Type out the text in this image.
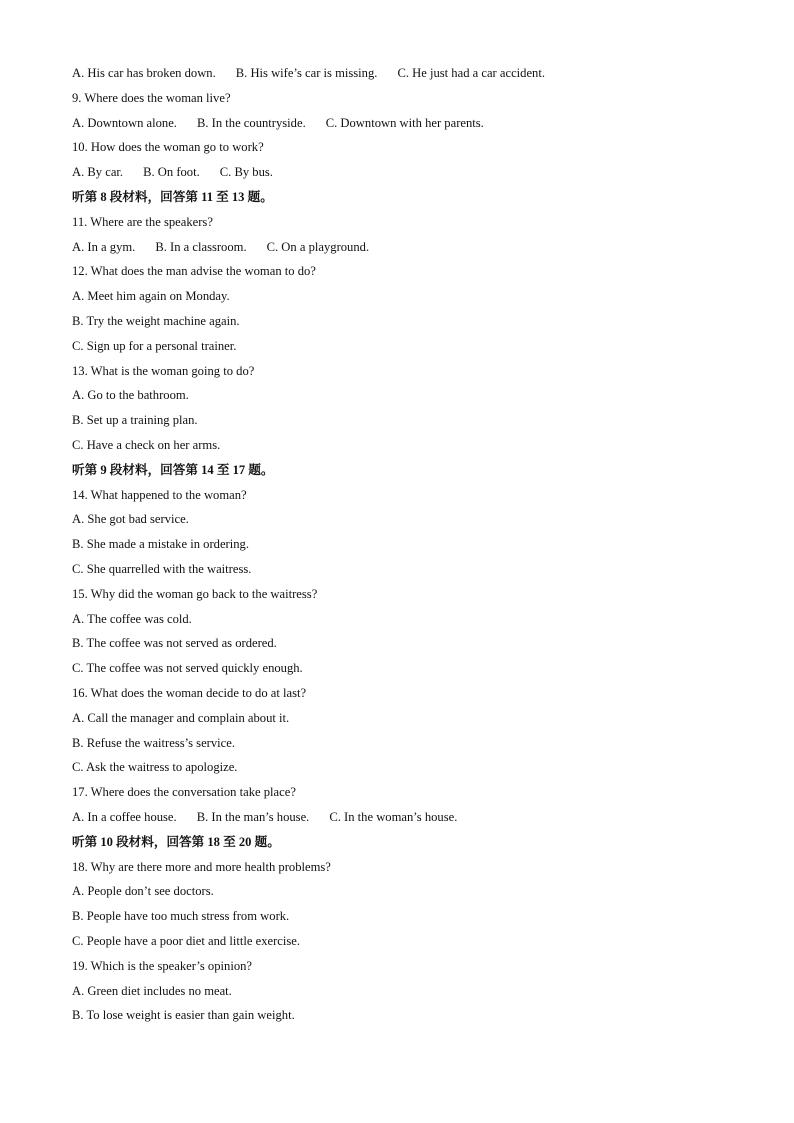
A. His car has broken down. B. His wife’s car is missing. C. He just had a car accident.
9. Where does the woman live?
A. Downtown alone. B. In the countryside. C. Downtown with her parents.
10. How does the woman go to work?
A. By car. B. On foot. C. By bus.
听第 8 段材料，回答第 11 至 13 题。
11. Where are the speakers?
A. In a gym. B. In a classroom. C. On a playground.
12. What does the man advise the woman to do?
A. Meet him again on Monday.
B. Try the weight machine again.
C. Sign up for a personal trainer.
13. What is the woman going to do?
A. Go to the bathroom.
B. Set up a training plan.
C. Have a check on her arms.
听第 9 段材料，回答第 14 至 17 题。
14. What happened to the woman?
A. She got bad service.
B. She made a mistake in ordering.
C. She quarrelled with the waitress.
15. Why did the woman go back to the waitress?
A. The coffee was cold.
B. The coffee was not served as ordered.
C. The coffee was not served quickly enough.
16. What does the woman decide to do at last?
A. Call the manager and complain about it.
B. Refuse the waitress’s service.
C. Ask the waitress to apologize.
17. Where does the conversation take place?
A. In a coffee house. B. In the man’s house. C. In the woman’s house.
听第 10 段材料，回答第 18 至 20 题。
18. Why are there more and more health problems?
A. People don’t see doctors.
B. People have too much stress from work.
C. People have a poor diet and little exercise.
19. Which is the speaker’s opinion?
A. Green diet includes no meat.
B. To lose weight is easier than gain weight.
